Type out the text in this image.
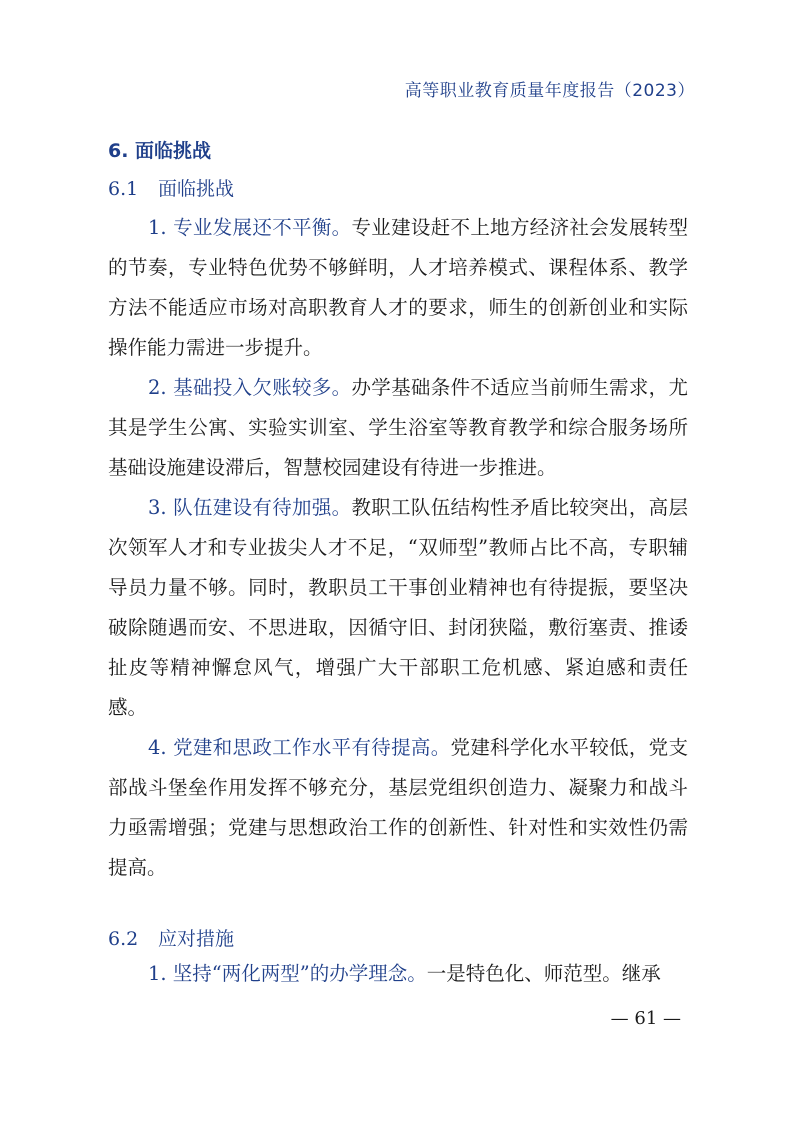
高等职业教育质量年度报告（2023）
6. 面临挑战
6.1 面临挑战

1. 专业发展还不平衡。专业建设赶不上地方经济社会发展转型的节奏，专业特色优势不够鲜明，人才培养模式、课程体系、教学方法不能适应市场对高职教育人才的要求，师生的创新创业和实际操作能力需进一步提升。

2. 基础投入欠账较多。办学基础条件不适应当前师生需求，尤其是学生公寓、实验实训室、学生浴室等教育教学和综合服务场所基础设施建设滞后，智慧校园建设有待进一步推进。

3. 队伍建设有待加强。教职工队伍结构性矛盾比较突出，高层次领军人才和专业拔尖人才不足，“双师型”教师占比不高，专职辅导员力量不够。同时，教职员工干事创业精神也有待提振，要坚决破除随遇而安、不思进取，因循守旧、封闭狭隘，敷衍塞责、推诿扯皮等精神懈怠风气，增强广大干部职工危机感、紧迫感和责任感。

4. 党建和思政工作水平有待提高。党建科学化水平较低，党支部战斗堡垒作用发挥不够充分，基层党组织创造力、凝聚力和战斗力亟需增强；党建与思想政治工作的创新性、针对性和实效性仍需提高。

6.2 应对措施

1. 坚持“两化两型”的办学理念。一是特色化、师范型。继承

— 61 —
